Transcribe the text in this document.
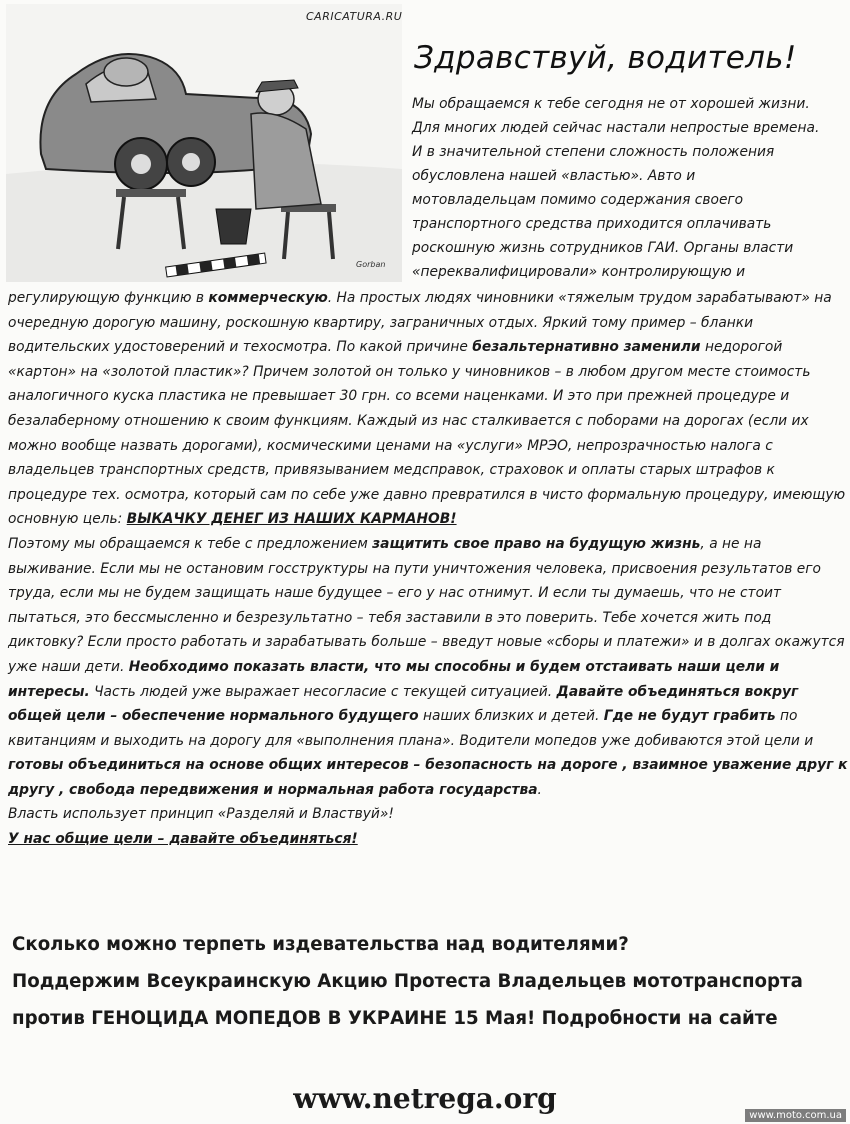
CARICATURA.RU
Gorban
Здравствуй, водитель!
Мы обращаемся к тебе сегодня не от хорошей жизни.
Для многих людей сейчас настали непростые времена.
И в значительной степени сложность положения
обусловлена нашей «властью». Авто и
мотовладельцам помимо содержания своего
транспортного средства приходится оплачивать
роскошную жизнь сотрудников ГАИ. Органы власти
«переквалифицировали» контролирующую и

регулирующую функцию в коммерческую. На простых людях чиновники «тяжелым трудом зарабатывают» на очередную дорогую машину, роскошную квартиру, заграничных отдых. Яркий тому пример – бланки водительских удостоверений и техосмотра. По какой причине безальтернативно заменили недорогой «картон» на «золотой пластик»? Причем золотой он только у чиновников – в любом другом месте стоимость аналогичного куска пластика не превышает 30 грн. со всеми наценками. И это при прежней процедуре и безалаберному отношению к своим функциям. Каждый из нас сталкивается с поборами на дорогах (если их можно вообще назвать дорогами), космическими ценами на «услуги» МРЭО, непрозрачностью налога с владельцев транспортных средств, привязыванием медсправок, страховок и оплаты старых штрафов к процедуре тех. осмотра, который сам по себе уже давно превратился в чисто формальную процедуру, имеющую основную цель: ВЫКАЧКУ ДЕНЕГ ИЗ НАШИХ КАРМАНОВ!

Поэтому мы обращаемся к тебе с предложением защитить свое право на будущую жизнь, а не на выживание. Если мы не остановим госструктуры на пути уничтожения человека, присвоения результатов его труда, если мы не будем защищать наше будущее – его у нас отнимут. И если ты думаешь, что не стоит пытаться, это бессмысленно и безрезультатно – тебя заставили в это поверить. Тебе хочется жить под диктовку? Если просто работать и зарабатывать больше – введут новые «сборы и платежи» и в долгах окажутся уже наши дети. Необходимо показать власти, что мы способны и будем отстаивать наши цели и интересы. Часть людей уже выражает несогласие с текущей ситуацией. Давайте объединяться вокруг общей цели – обеспечение нормального будущего наших близких и детей. Где не будут грабить по квитанциям и выходить на дорогу для «выполнения плана». Водители мопедов уже добиваются этой цели и готовы объединиться на основе общих интересов – безопасность на дороге , взаимное уважение друг к другу , свобода передвижения и нормальная работа государства.

Власть использует принцип «Разделяй и Властвуй»!

У нас общие цели – давайте объединяться!

Сколько можно терпеть издевательства над водителями?
Поддержим Всеукраинскую Акцию Протеста Владельцев мототранспорта
против ГЕНОЦИДА МОПЕДОВ В УКРАИНЕ 15 Мая! Подробности на сайте
www.netrega.org
www.moto.com.ua
